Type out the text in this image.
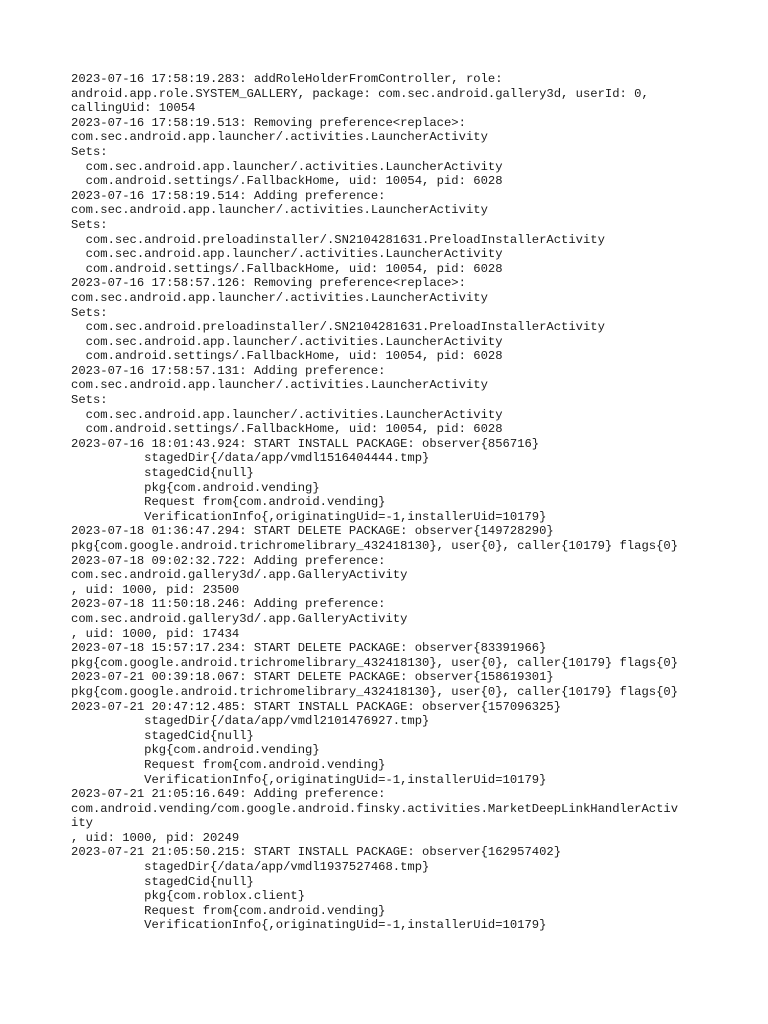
2023-07-16 17:58:19.283: addRoleHolderFromController, role:
android.app.role.SYSTEM_GALLERY, package: com.sec.android.gallery3d, userId: 0,
callingUid: 10054
2023-07-16 17:58:19.513: Removing preference<replace>:
com.sec.android.app.launcher/.activities.LauncherActivity
Sets:
com.sec.android.app.launcher/.activities.LauncherActivity
com.android.settings/.FallbackHome, uid: 10054, pid: 6028
2023-07-16 17:58:19.514: Adding preference:
com.sec.android.app.launcher/.activities.LauncherActivity
Sets:
com.sec.android.preloadinstaller/.SN2104281631.PreloadInstallerActivity
com.sec.android.app.launcher/.activities.LauncherActivity
com.android.settings/.FallbackHome, uid: 10054, pid: 6028
2023-07-16 17:58:57.126: Removing preference<replace>:
com.sec.android.app.launcher/.activities.LauncherActivity
Sets:
com.sec.android.preloadinstaller/.SN2104281631.PreloadInstallerActivity
com.sec.android.app.launcher/.activities.LauncherActivity
com.android.settings/.FallbackHome, uid: 10054, pid: 6028
2023-07-16 17:58:57.131: Adding preference:
com.sec.android.app.launcher/.activities.LauncherActivity
Sets:
com.sec.android.app.launcher/.activities.LauncherActivity
com.android.settings/.FallbackHome, uid: 10054, pid: 6028
2023-07-16 18:01:43.924: START INSTALL PACKAGE: observer{856716}
stagedDir{/data/app/vmdl1516404444.tmp}
stagedCid{null}
pkg{com.android.vending}
Request from{com.android.vending}
VerificationInfo{,originatingUid=-1,installerUid=10179}
2023-07-18 01:36:47.294: START DELETE PACKAGE: observer{149728290}
pkg{com.google.android.trichromelibrary_432418130}, user{0}, caller{10179} flags{0}
2023-07-18 09:02:32.722: Adding preference:
com.sec.android.gallery3d/.app.GalleryActivity
, uid: 1000, pid: 23500
2023-07-18 11:50:18.246: Adding preference:
com.sec.android.gallery3d/.app.GalleryActivity
, uid: 1000, pid: 17434
2023-07-18 15:57:17.234: START DELETE PACKAGE: observer{83391966}
pkg{com.google.android.trichromelibrary_432418130}, user{0}, caller{10179} flags{0}
2023-07-21 00:39:18.067: START DELETE PACKAGE: observer{158619301}
pkg{com.google.android.trichromelibrary_432418130}, user{0}, caller{10179} flags{0}
2023-07-21 20:47:12.485: START INSTALL PACKAGE: observer{157096325}
stagedDir{/data/app/vmdl2101476927.tmp}
stagedCid{null}
pkg{com.android.vending}
Request from{com.android.vending}
VerificationInfo{,originatingUid=-1,installerUid=10179}
2023-07-21 21:05:16.649: Adding preference:
com.android.vending/com.google.android.finsky.activities.MarketDeepLinkHandlerActiv
ity
, uid: 1000, pid: 20249
2023-07-21 21:05:50.215: START INSTALL PACKAGE: observer{162957402}
stagedDir{/data/app/vmdl1937527468.tmp}
stagedCid{null}
pkg{com.roblox.client}
Request from{com.android.vending}
VerificationInfo{,originatingUid=-1,installerUid=10179}
